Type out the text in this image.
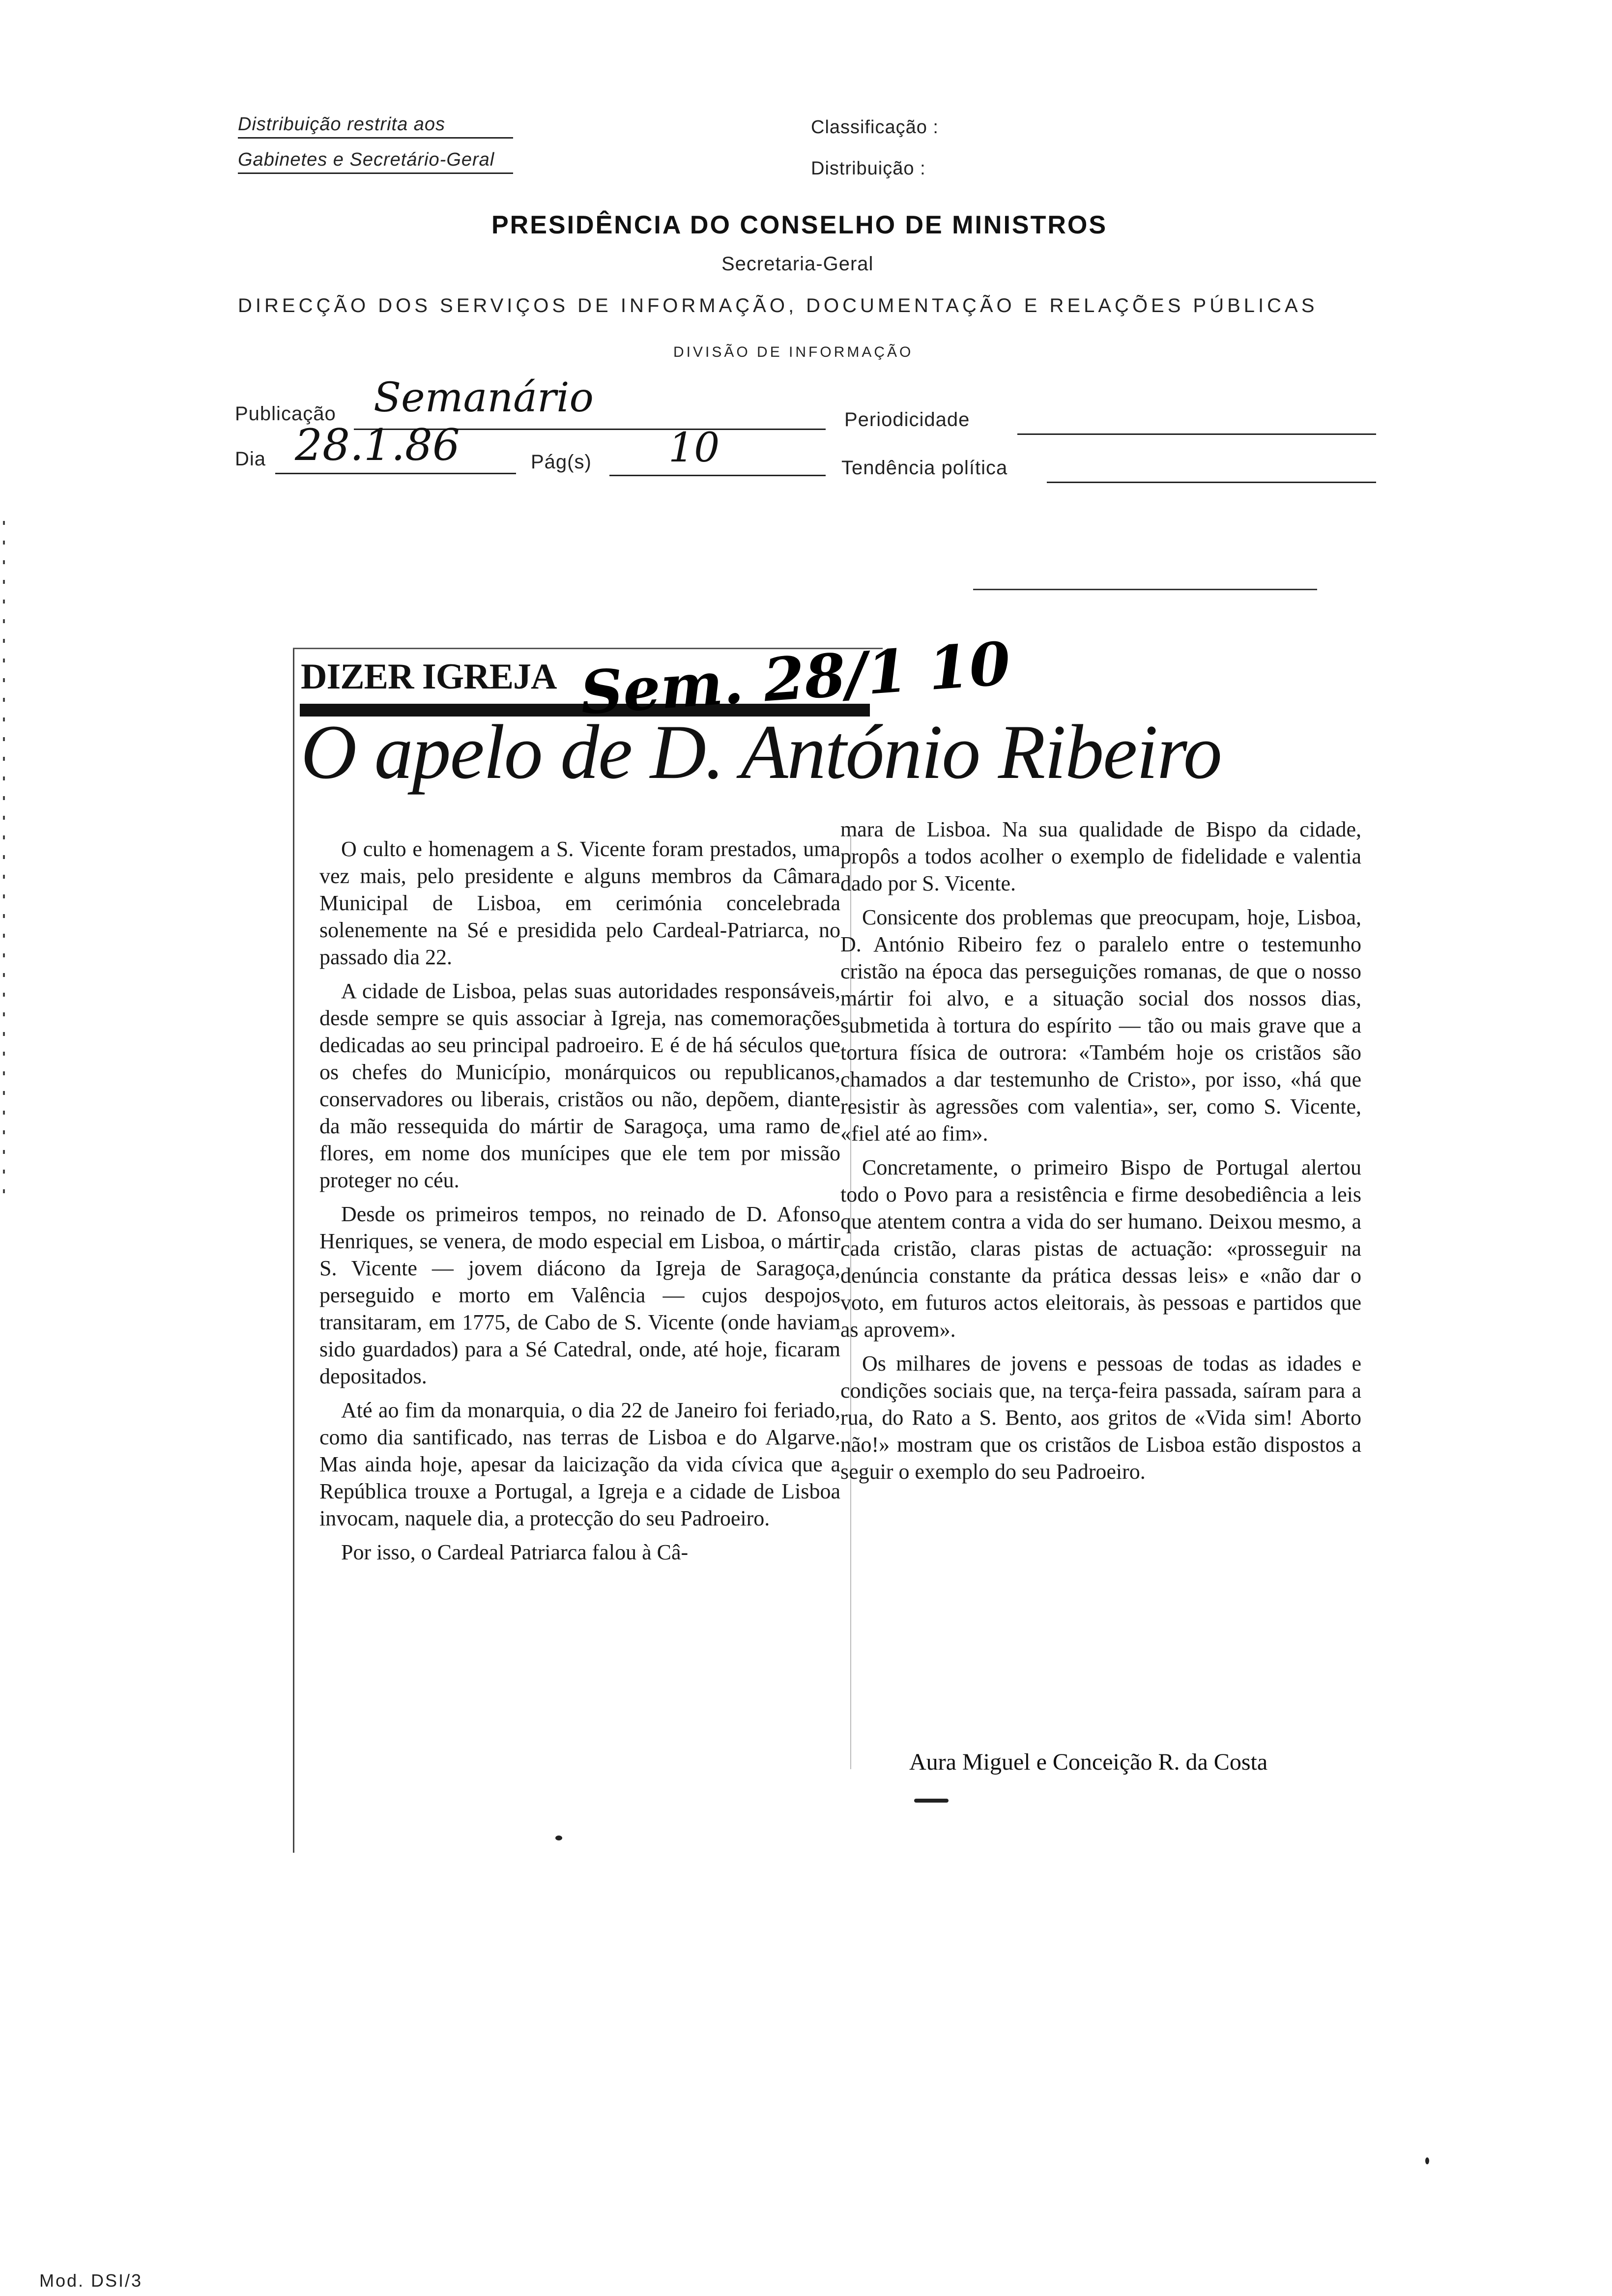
Distribuição restrita aos
Gabinetes e Secretário-Geral
Classificação :
Distribuição :
PRESIDÊNCIA DO CONSELHO DE MINISTROS
Secretaria-Geral
DIRECÇÃO DOS SERVIÇOS DE INFORMAÇÃO, DOCUMENTAÇÃO E RELAÇÕES PÚBLICAS
DIVISÃO DE INFORMAÇÃO
Publicação Semanário	Periodicidade
Dia 28.1.86	Pág(s) 10	Tendência política
DIZER IGREJA
O apelo de D. António Ribeiro
Sem. 28/1 10

O culto e homenagem a S. Vicente foram prestados, uma vez mais, pelo presidente e alguns membros da Câmara Municipal de Lisboa, em cerimónia concelebrada solenemente na Sé e presidida pelo Cardeal-Patriarca, no passado dia 22.

A cidade de Lisboa, pelas suas autoridades responsáveis, desde sempre se quis associar à Igreja, nas comemorações dedicadas ao seu principal padroeiro. E é de há séculos que os chefes do Município, monárquicos ou republicanos, conservadores ou liberais, cristãos ou não, depõem, diante da mão ressequida do mártir de Saragoça, uma ramo de flores, em nome dos munícipes que ele tem por missão proteger no céu.

Desde os primeiros tempos, no reinado de D. Afonso Henriques, se venera, de modo especial em Lisboa, o mártir S. Vicente — jovem diácono da Igreja de Saragoça, perseguido e morto em Valência — cujos despojos transitaram, em 1775, de Cabo de S. Vicente (onde haviam sido guardados) para a Sé Catedral, onde, até hoje, ficaram depositados.

Até ao fim da monarquia, o dia 22 de Janeiro foi feriado, como dia santificado, nas terras de Lisboa e do Algarve. Mas ainda hoje, apesar da laicização da vida cívica que a República trouxe a Portugal, a Igreja e a cidade de Lisboa invocam, naquele dia, a protecção do seu Padroeiro.

Por isso, o Cardeal Patriarca falou à Câ-

mara de Lisboa. Na sua qualidade de Bispo da cidade, propôs a todos acolher o exemplo de fidelidade e valentia dado por S. Vicente.

Consicente dos problemas que preocupam, hoje, Lisboa, D. António Ribeiro fez o paralelo entre o testemunho cristão na época das perseguições romanas, de que o nosso mártir foi alvo, e a situação social dos nossos dias, submetida à tortura do espírito — tão ou mais grave que a tortura física de outrora: «Também hoje os cristãos são chamados a dar testemunho de Cristo», por isso, «há que resistir às agressões com valentia», ser, como S. Vicente, «fiel até ao fim».

Concretamente, o primeiro Bispo de Portugal alertou todo o Povo para a resistência e firme desobediência a leis que atentem contra a vida do ser humano. Deixou mesmo, a cada cristão, claras pistas de actuação: «prosseguir na denúncia constante da prática dessas leis» e «não dar o voto, em futuros actos eleitorais, às pessoas e partidos que as aprovem».

Os milhares de jovens e pessoas de todas as idades e condições sociais que, na terça-feira passada, saíram para a rua, do Rato a S. Bento, aos gritos de «Vida sim! Aborto não!» mostram que os cristãos de Lisboa estão dispostos a seguir o exemplo do seu Padroeiro.

Aura Miguel e Conceição R. da Costa
Mod. DSI/3
